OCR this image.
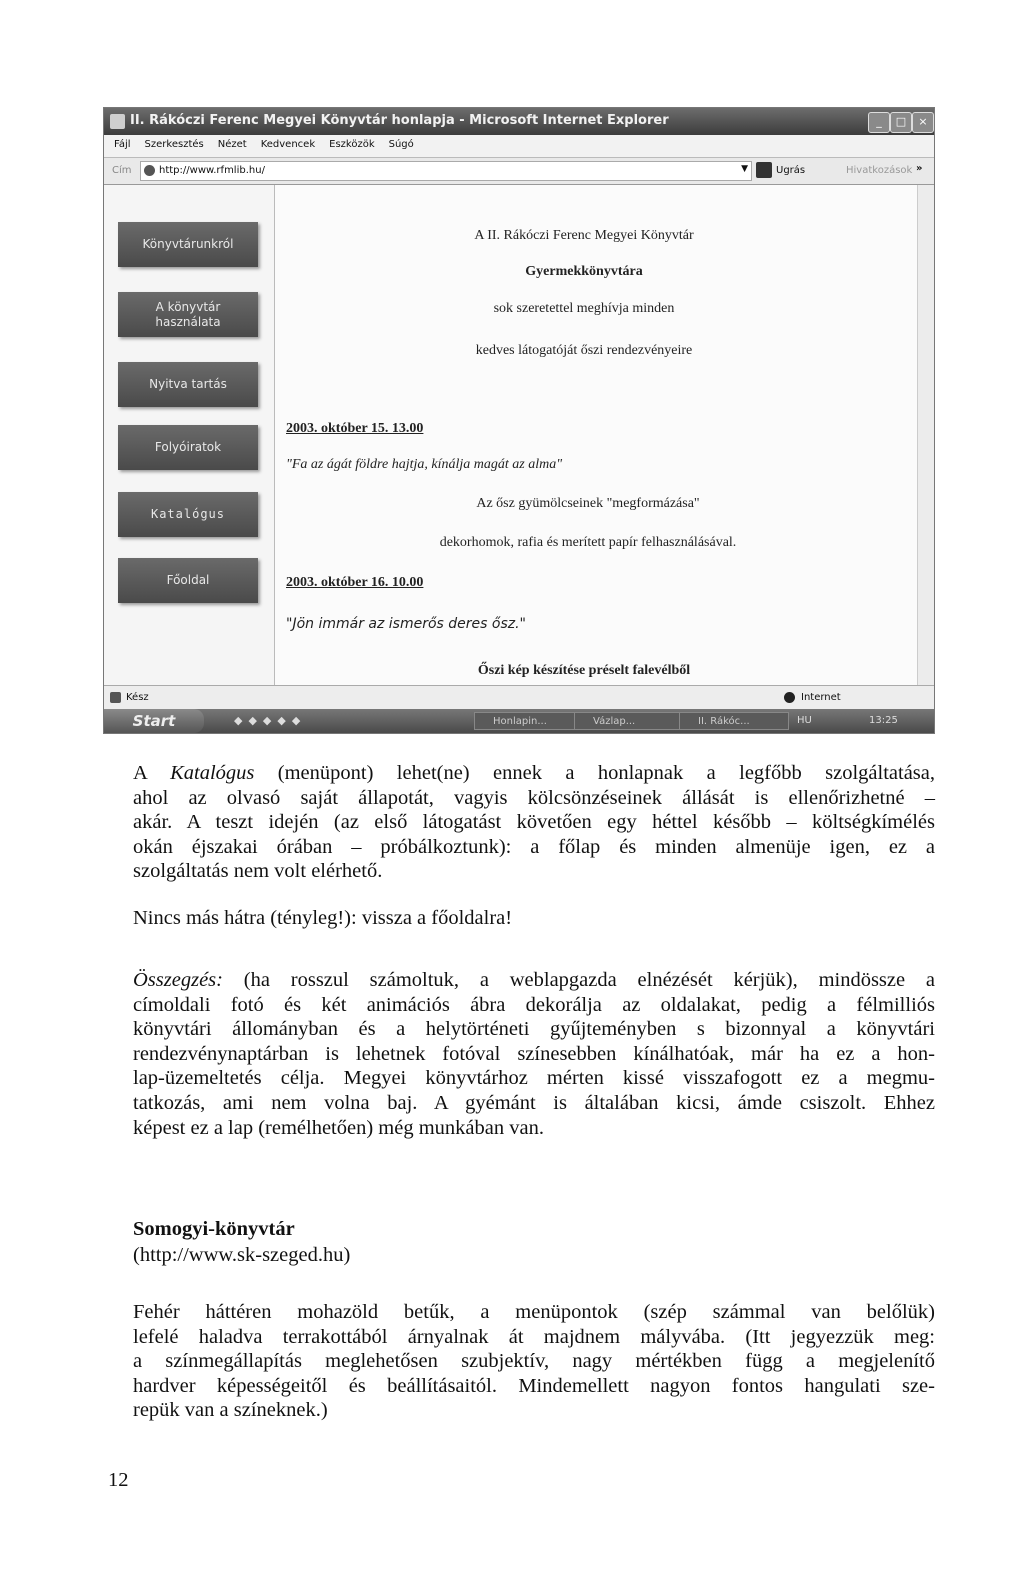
II. Rákóczi Ferenc Megyei Könyvtár honlapja - Microsoft Internet Explorer	_	□	×
Fájl Szerkesztés Nézet Kedvencek Eszközök Súgó
Cím	http://www.rfmlib.hu/	▼	Ugrás	Hivatkozások »
Könyvtárunkról
A könyvtár használata
Nyitva tartás
Folyóiratok
Katalógus
Főoldal
A II. Rákóczi Ferenc Megyei Könyvtár
Gyermekkönyvtára
sok szeretettel meghívja minden
kedves látogatóját őszi rendezvényeire
2003. október 15. 13.00
"Fa az ágát földre hajtja, kínálja magát az alma"
Az ősz gyümölcseinek "megformázása"
dekorhomok, rafia és merített papír felhasználásával.
2003. október 16. 10.00
"Jön immár az ismerős deres ősz."
Őszi kép készítése préselt falevélből
Kész	Internet
Start	◆◆◆◆◆	Honlapin...	Vázlap...	II. Rákóc...	HU	13:25

A Katalógus (menüpont) lehet(ne) ennek a honlapnak a legfőbb szolgáltatása,

ahol az olvasó saját állapotát, vagyis kölcsönzéseinek állását is ellenőrizhetné –

akár. A teszt idején (az első látogatást követően egy héttel később – költségkímélés

okán éjszakai órában – próbálkoztunk): a főlap és minden almenüje igen, ez a

szolgáltatás nem volt elérhető.

Nincs más hátra (tényleg!): vissza a főoldalra!

Összegzés: (ha rosszul számoltuk, a weblapgazda elnézését kérjük), mindössze a

címoldali fotó és két animációs ábra dekorálja az oldalakat, pedig a félmilliós

könyvtári állományban és a helytörténeti gyűjteményben s bizonnyal a könyvtári

rendezvénynaptárban is lehetnek fotóval színesebben kínálhatóak, már ha ez a hon-

lap-üzemeltetés célja. Megyei könyvtárhoz mérten kissé visszafogott ez a megmu-

tatkozás, ami nem volna baj. A gyémánt is általában kicsi, ámde csiszolt. Ehhez

képest ez a lap (remélhetően) még munkában van.

Somogyi-könyvtár
(http://www.sk-szeged.hu)

Fehér háttéren mohazöld betűk, a menüpontok (szép számmal van belőlük)

lefelé haladva terrakottából árnyalnak át majdnem mályvába. (Itt jegyezzük meg:

a színmegállapítás meglehetősen szubjektív, nagy mértékben függ a megjelenítő

hardver képességeitől és beállításaitól. Mindemellett nagyon fontos hangulati sze-

repük van a színeknek.)

12
